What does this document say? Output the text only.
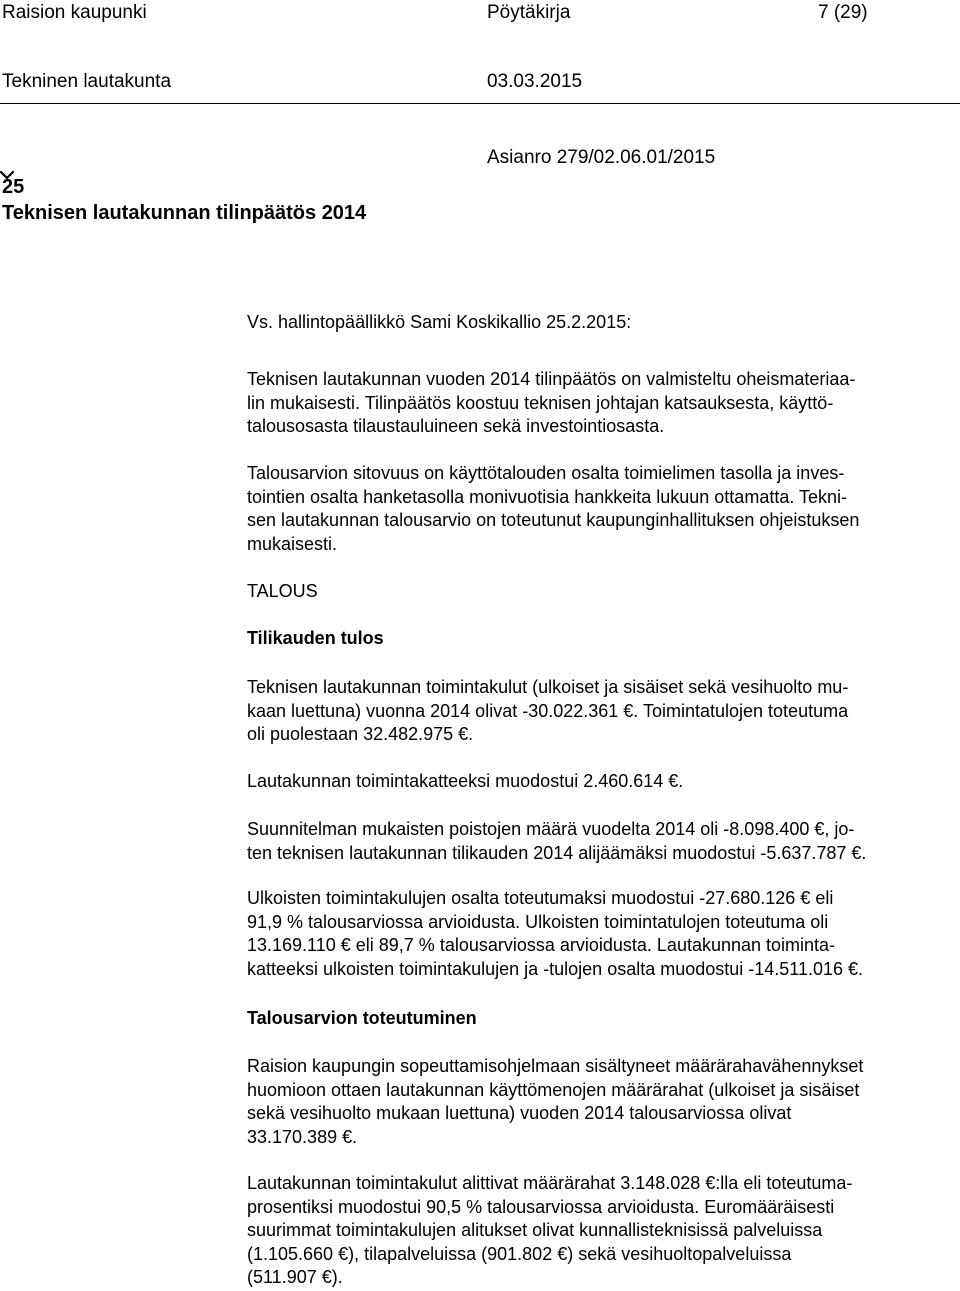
Raision kaupunki	Pöytäkirja	7 (29)
Tekninen lautakunta	03.03.2015
Asianro 279/02.06.01/2015
25
Teknisen lautakunnan tilinpäätös 2014
Vs. hallintopäällikkö Sami Koskikallio 25.2.2015:
Teknisen lautakunnan vuoden 2014 tilinpäätös on valmisteltu oheismateriaa-
lin mukaisesti. Tilinpäätös koostuu teknisen johtajan katsauksesta, käyttö-
talousosasta tilaustauluineen sekä investointiosasta.
Talousarvion sitovuus on käyttötalouden osalta toimielimen tasolla ja inves-
tointien osalta hanketasolla monivuotisia hankkeita lukuun ottamatta. Tekni-
sen lautakunnan talousarvio on toteutunut kaupunginhallituksen ohjeistuksen
mukaisesti.
TALOUS
Tilikauden tulos
Teknisen lautakunnan toimintakulut (ulkoiset ja sisäiset sekä vesihuolto mu-
kaan luettuna) vuonna 2014 olivat -30.022.361 €. Toimintatulojen toteutuma
oli puolestaan 32.482.975 €.
Lautakunnan toimintakatteeksi muodostui 2.460.614 €.
Suunnitelman mukaisten poistojen määrä vuodelta 2014 oli -8.098.400 €, jo-
ten teknisen lautakunnan tilikauden 2014 alijäämäksi muodostui -5.637.787 €.
Ulkoisten toimintakulujen osalta toteutumaksi muodostui -27.680.126 € eli
91,9 % talousarviossa arvioidusta. Ulkoisten toimintatulojen toteutuma oli
13.169.110 € eli 89,7 % talousarviossa arvioidusta. Lautakunnan toiminta-
katteeksi ulkoisten toimintakulujen ja -tulojen osalta muodostui -14.511.016 €.
Talousarvion toteutuminen
Raision kaupungin sopeuttamisohjelmaan sisältyneet määrärahavähennykset
huomioon ottaen lautakunnan käyttömenojen määrärahat (ulkoiset ja sisäiset
sekä vesihuolto mukaan luettuna) vuoden 2014 talousarviossa olivat
33.170.389 €.
Lautakunnan toimintakulut alittivat määrärahat 3.148.028 €:lla eli toteutuma-
prosentiksi muodostui 90,5 % talousarviossa arvioidusta. Euromääräisesti
suurimmat toimintakulujen alitukset olivat kunnallisteknisissä palveluissa
(1.105.660 €), tilapalveluissa (901.802 €) sekä vesihuoltopalveluissa
(511.907 €).
